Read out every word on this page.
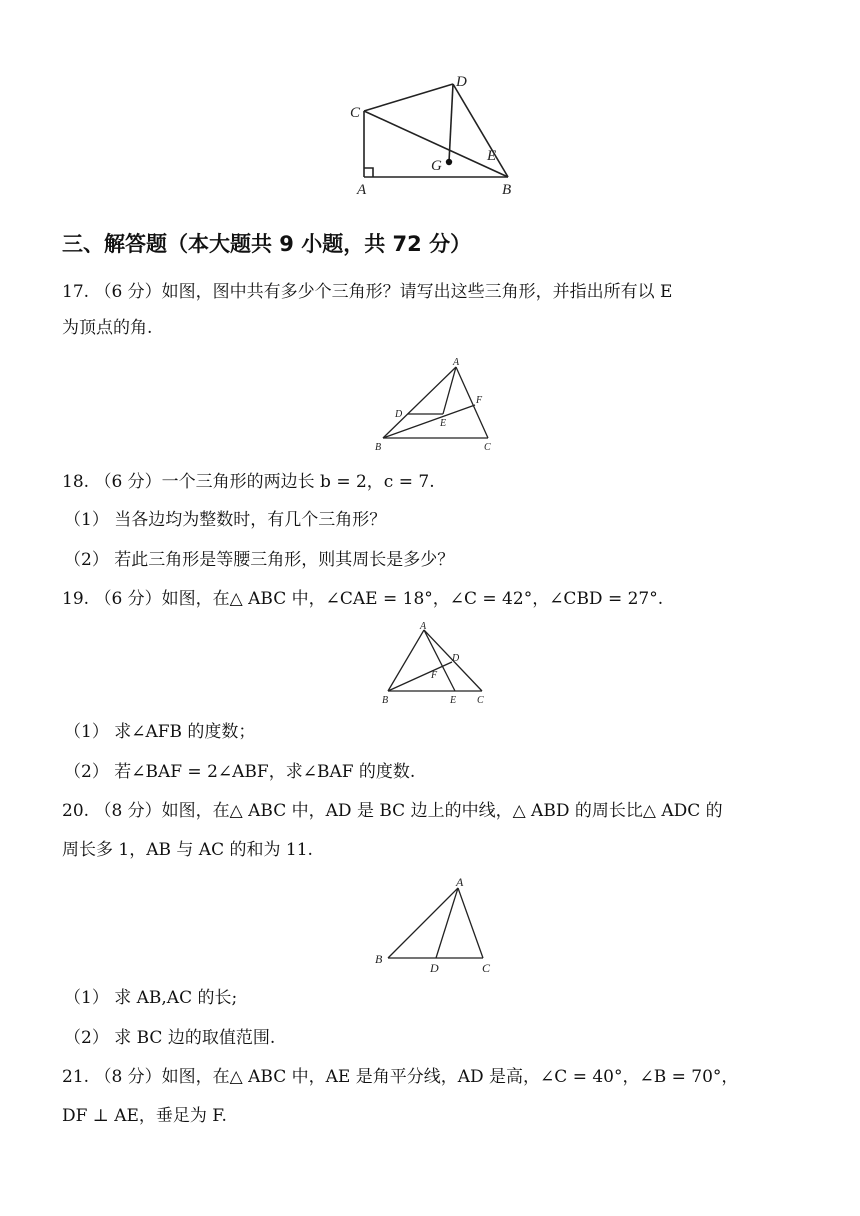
C
D
G
E
A	B
三、解答题（本大题共 9 小题，共 72 分）
17. （6 分）如图，图中共有多少个三角形？请写出这些三角形，并指出所有以 E
为顶点的角.
A
D
F
E
B	C
18. （6 分）一个三角形的两边长 b = 2，c = 7.
（1） 当各边均为整数时，有几个三角形？
（2） 若此三角形是等腰三角形，则其周长是多少？
19. （6 分）如图，在△ ABC 中，∠CAE = 18°，∠C = 42°，∠CBD = 27°.
A
D
F
B	E C
（1） 求∠AFB 的度数；
（2） 若∠BAF = 2∠ABF，求∠BAF 的度数.
20. （8 分）如图，在△ ABC 中，AD 是 BC 边上的中线，△ ABD 的周长比△ ADC 的
周长多 1，AB 与 AC 的和为 11.
A
B
D	C
（1） 求 AB,AC 的长;
（2） 求 BC 边的取值范围.
21. （8 分）如图，在△ ABC 中，AE 是角平分线，AD 是高，∠C = 40°，∠B = 70°，
DF ⊥ AE，垂足为 F.
